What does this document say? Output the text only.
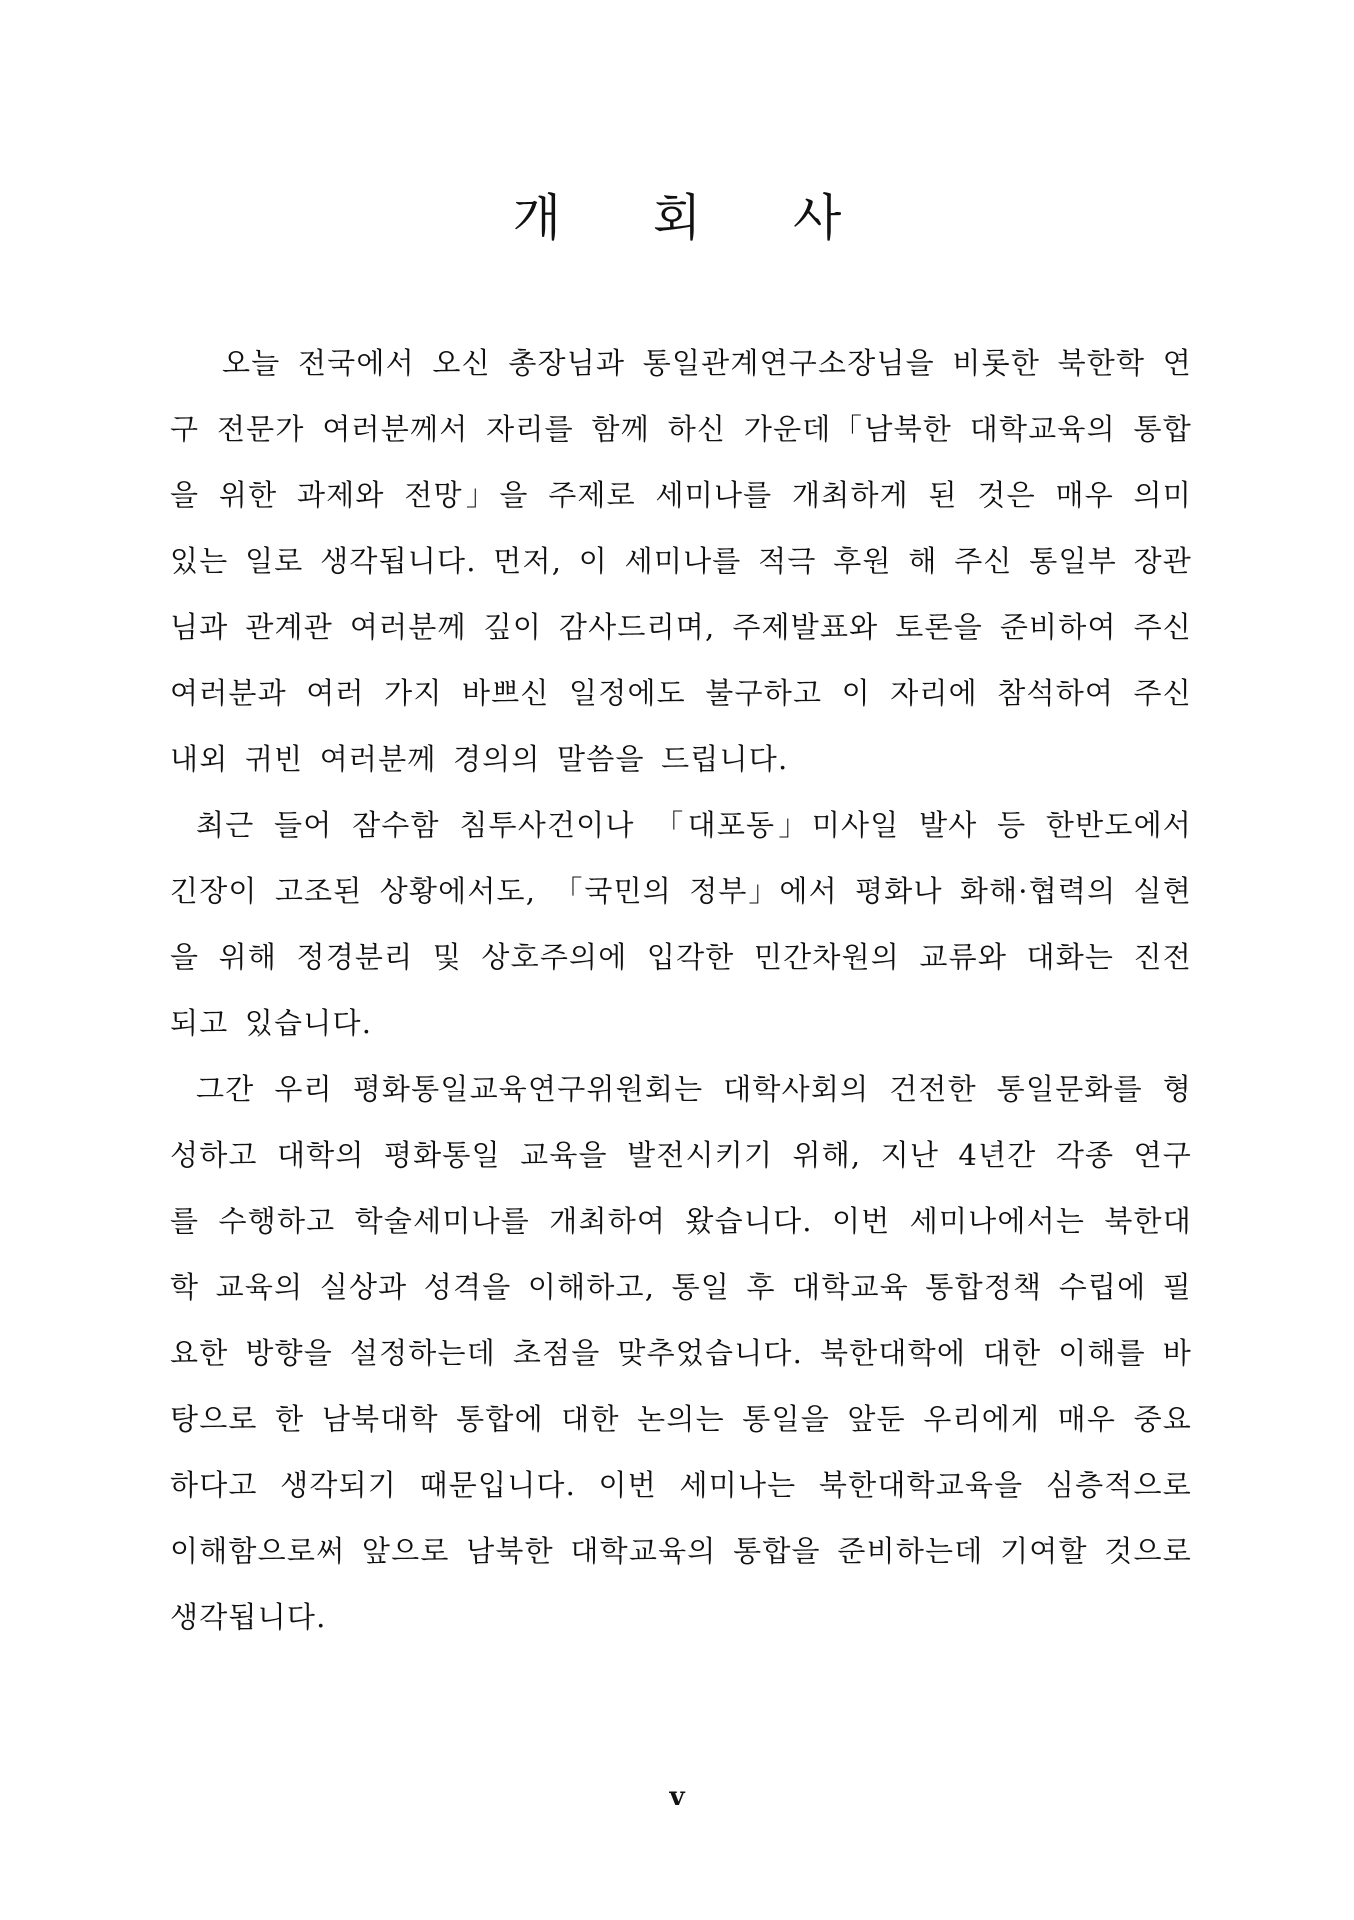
개 회 사

오늘 전국에서 오신 총장님과 통일관계연구소장님을 비롯한 북한학 연구 전문가 여러분께서 자리를 함께 하신 가운데「남북한 대학교육의 통합을 위한 과제와 전망」을 주제로 세미나를 개최하게 된 것은 매우 의미 있는 일로 생각됩니다. 먼저, 이 세미나를 적극 후원 해 주신 통일부 장관님과 관계관 여러분께 깊이 감사드리며, 주제발표와 토론을 준비하여 주신 여러분과 여러 가지 바쁘신 일정에도 불구하고 이 자리에 참석하여 주신 내외 귀빈 여러분께 경의의 말씀을 드립니다.

최근 들어 잠수함 침투사건이나 「대포동」미사일 발사 등 한반도에서 긴장이 고조된 상황에서도, 「국민의 정부」에서 평화나 화해·협력의 실현을 위해 정경분리 및 상호주의에 입각한 민간차원의 교류와 대화는 진전되고 있습니다.

그간 우리 평화통일교육연구위원회는 대학사회의 건전한 통일문화를 형성하고 대학의 평화통일 교육을 발전시키기 위해, 지난 4년간 각종 연구를 수행하고 학술세미나를 개최하여 왔습니다. 이번 세미나에서는 북한대학 교육의 실상과 성격을 이해하고, 통일 후 대학교육 통합정책 수립에 필요한 방향을 설정하는데 초점을 맞추었습니다. 북한대학에 대한 이해를 바탕으로 한 남북대학 통합에 대한 논의는 통일을 앞둔 우리에게 매우 중요하다고 생각되기 때문입니다. 이번 세미나는 북한대학교육을 심층적으로 이해함으로써 앞으로 남북한 대학교육의 통합을 준비하는데 기여할 것으로 생각됩니다.

v
